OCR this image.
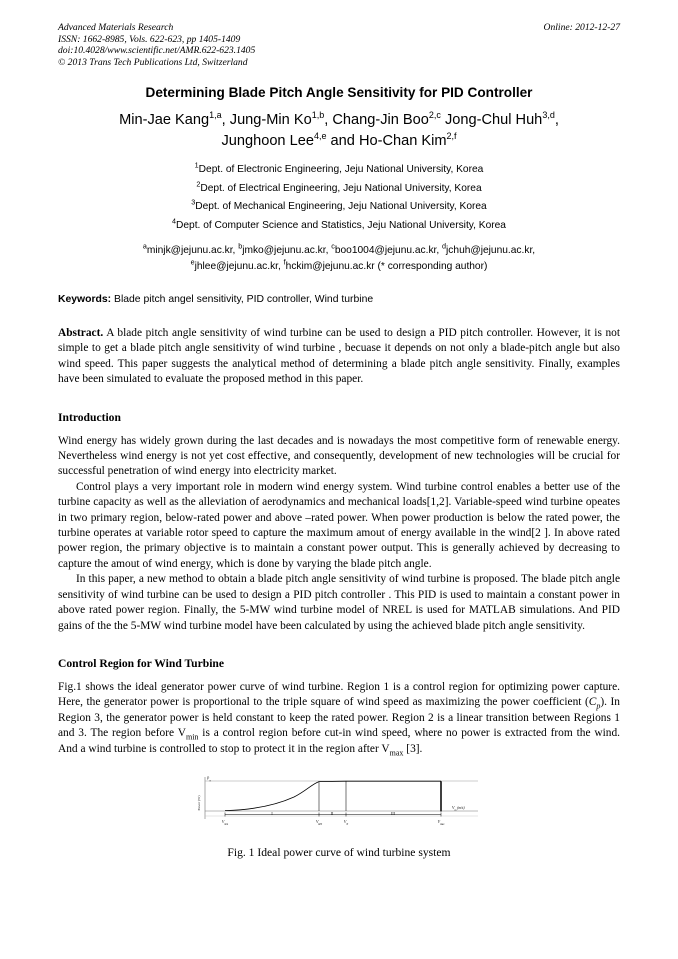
Advanced Materials Research
ISSN: 1662-8985, Vols. 622-623, pp 1405-1409
doi:10.4028/www.scientific.net/AMR.622-623.1405
© 2013 Trans Tech Publications Ltd, Switzerland
Online: 2012-12-27
Determining Blade Pitch Angle Sensitivity for PID Controller
Min-Jae Kang$^{1,a}$, Jung-Min Ko$^{1,b}$, Chang-Jin Boo$^{2,c}$ Jong-Chul Huh$^{3,d}$,
Junghoon Lee$^{4,e}$ and Ho-Chan Kim$^{2,f}$
$^1$Dept. of Electronic Engineering, Jeju National University, Korea
$^2$Dept. of Electrical Engineering, Jeju National University, Korea
$^3$Dept. of Mechanical Engineering, Jeju National University, Korea
$^4$Dept. of Computer Science and Statistics, Jeju National University, Korea
$^a$minjk@jejunu.ac.kr, $^b$jmko@jejunu.ac.kr, $^c$boo1004@jejunu.ac.kr, $^d$jchuh@jejunu.ac.kr,
$^e$jhlee@jejunu.ac.kr, $^f$hckim@jejunu.ac.kr (* corresponding author)
Keywords: Blade pitch angel sensitivity, PID controller, Wind turbine
Abstract. A blade pitch angle sensitivity of wind turbine can be used to design a PID pitch controller. However, it is not simple to get a blade pitch angle sensitivity of wind turbine , becuase it depends on not only a blade-pitch angle but also wind speed. This paper suggests the analytical method of determining a blade pitch angle sensitivity. Finally, examples have been simulated to evaluate the proposed method in this paper.
Introduction
Wind energy has widely grown during the last decades and is nowadays the most competitive form of renewable energy. Nevertheless wind energy is not yet cost effective, and consequently, development of new technologies will be crucial for successful penetration of wind energy into electricity market.
Control plays a very important role in modern wind energy system. Wind turbine control enables a better use of the turbine capacity as well as the alleviation of aerodynamics and mechanical loads[1,2]. Variable-speed wind turbine opeates in two primary region, below-rated power and above –rated power. When power production is below the rated power, the turbine operates at variable rotor speed to capture the maximum amout of energy available in the wind[2 ]. In above rated power region, the primary objective is to maintain a constant power output. This is generally achieved by decreasing to capture the amout of wind energy, which is done by varying the blade pitch angle.
In this paper, a new method to obtain a blade pitch angle sensitivity of wind turbine is proposed. The blade pitch angle sensitivity of wind turbine can be used to design a PID pitch controller . This PID is used to maintain a constant power in above rated power region. Finally, the 5-MW wind turbine model of NREL is used for MATLAB simulations. And PID gains of the the 5-MW wind turbine model have been calculated by using the achieved blade pitch angle sensitivity.
Control Region for Wind Turbine
Fig.1 shows the ideal generator power curve of wind turbine. Region 1 is a control region for optimizing power capture. Here, the generator power is proportional to the triple square of wind speed as maximizing the power coefficient $(C_p)$. In Region 3, the generator power is held constant to keep the rated power. Region 2 is a linear transition between Regions 1 and 3. The region before $V_{min}$ is a control region before cut-in wind speed, where no power is extracted from the wind. And a wind turbine is controlled to stop to protect it in the region after $V_{max}$ [3].
Power (W)
$P_N$
I	II	III
$V_{min}$	$V_{\Omega N}$	$V_N$	$V_{max}$
$V_m$ (m/s)
Fig. 1 Ideal power curve of wind turbine system
